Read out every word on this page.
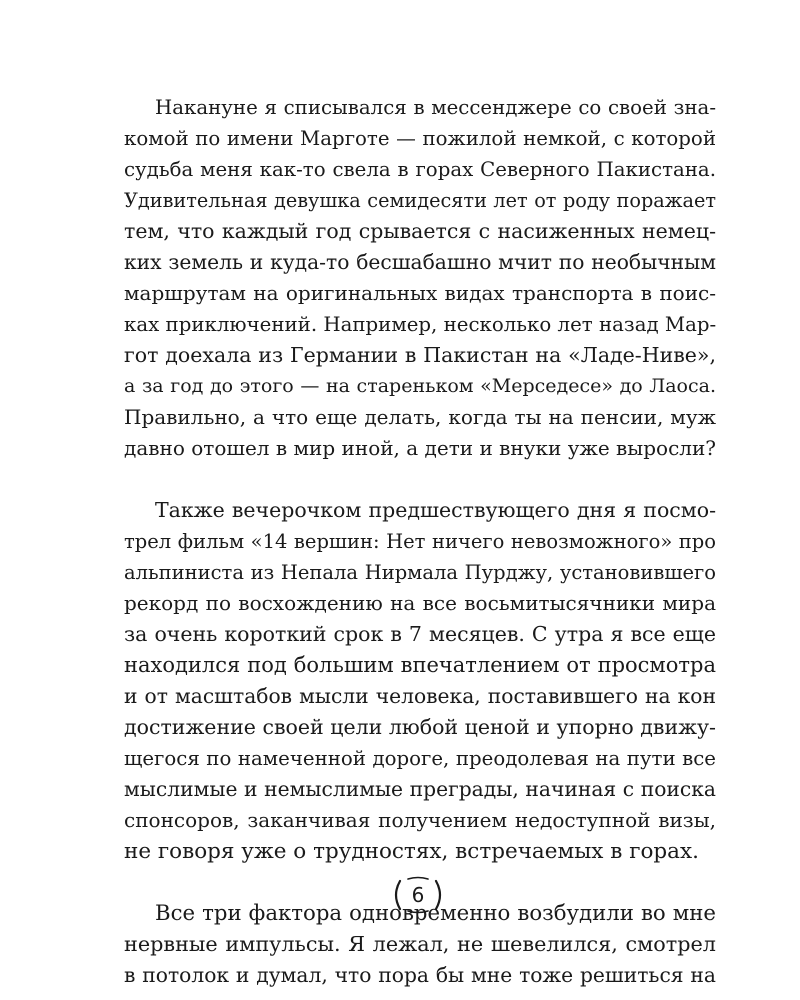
Накануне я списывался в мессенджере со своей зна-
комой по имени Марготе — пожилой немкой, с которой
судьба меня как-то свела в горах Северного Пакистана.
Удивительная девушка семидесяти лет от роду поражает
тем, что каждый год срывается с насиженных немец-
ких земель и куда-то бесшабашно мчит по необычным
маршрутам на оригинальных видах транспорта в поис-
ках приключений. Например, несколько лет назад Мар-
гот доехала из Германии в Пакистан на «Ладе-Ниве»,
а за год до этого — на стареньком «Мерседесе» до Лаоса.
Правильно, а что еще делать, когда ты на пенсии, муж
давно отошел в мир иной, а дети и внуки уже выросли?
Также вечерочком предшествующего дня я посмо-
трел фильм «14 вершин: Нет ничего невозможного» про
альпиниста из Непала Нирмала Пурджу, установившего
рекорд по восхождению на все восьмитысячники мира
за очень короткий срок в 7 месяцев. С утра я все еще
находился под большим впечатлением от просмотра
и от масштабов мысли человека, поставившего на кон
достижение своей цели любой ценой и упорно движу-
щегося по намеченной дороге, преодолевая на пути все
мыслимые и немыслимые преграды, начиная с поиска
спонсоров, заканчивая получением недоступной визы,
не говоря уже о трудностях, встречаемых в горах.
Все три фактора одновременно возбудили во мне
нервные импульсы. Я лежал, не шевелился, смотрел
в потолок и думал, что пора бы мне тоже решиться на
6
